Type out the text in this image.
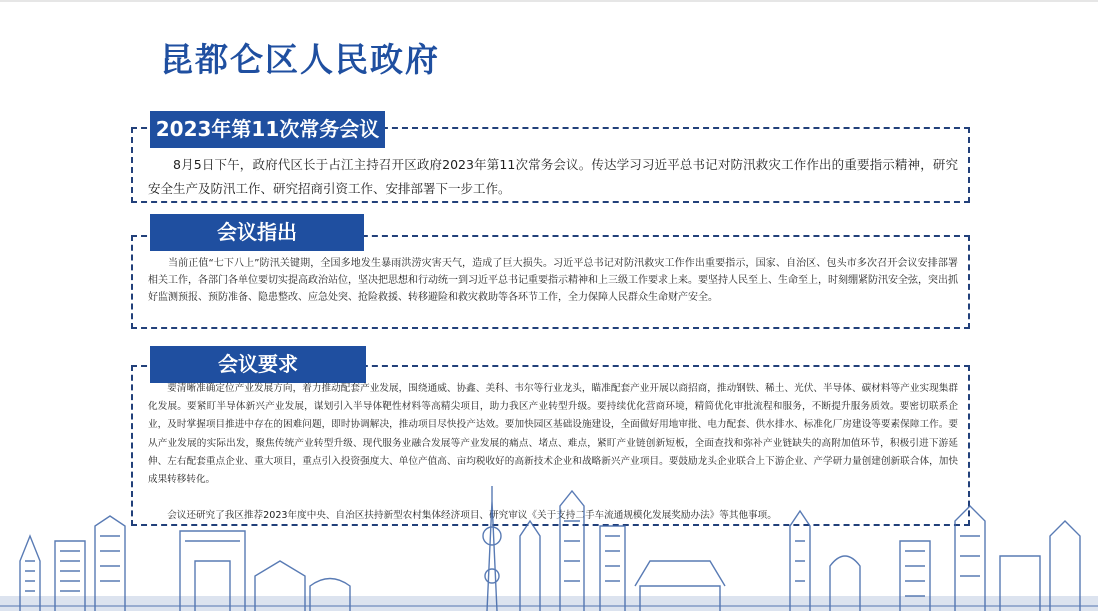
昆都仑区人民政府
2023年第11次常务会议

8月5日下午，政府代区长于占江主持召开区政府2023年第11次常务会议。传达学习习近平总书记对防汛救灾工作作出的重要指示精神，研究安全生产及防汛工作、研究招商引资工作、安排部署下一步工作。

会议指出

当前正值“七下八上”防汛关键期，全国多地发生暴雨洪涝灾害天气，造成了巨大损失。习近平总书记对防汛救灾工作作出重要指示，国家、自治区、包头市多次召开会议安排部署相关工作，各部门各单位要切实提高政治站位，坚决把思想和行动统一到习近平总书记重要指示精神和上三级工作要求上来。要坚持人民至上、生命至上，时刻绷紧防汛安全弦，突出抓好监测预报、预防准备、隐患整改、应急处突、抢险救援、转移避险和救灾救助等各环节工作，全力保障人民群众生命财产安全。

会议要求

要清晰准确定位产业发展方向，着力推动配套产业发展，围绕通威、协鑫、美科、韦尔等行业龙头，瞄准配套产业开展以商招商，推动钢铁、稀土、光伏、半导体、碳材料等产业实现集群化发展。要紧盯半导体新兴产业发展，谋划引入半导体靶性材料等高精尖项目，助力我区产业转型升级。要持续优化营商环境，精简优化审批流程和服务，不断提升服务质效。要密切联系企业，及时掌握项目推进中存在的困难问题，即时协调解决，推动项目尽快投产达效。要加快园区基础设施建设，全面做好用地审批、电力配套、供水排水、标准化厂房建设等要素保障工作。要从产业发展的实际出发，聚焦传统产业转型升级、现代服务业融合发展等产业发展的痛点、堵点、难点，紧盯产业链创新短板，全面查找和弥补产业链缺失的高附加值环节，积极引进下游延伸、左右配套重点企业、重大项目，重点引入投资强度大、单位产值高、亩均税收好的高新技术企业和战略新兴产业项目。要鼓励龙头企业联合上下游企业、产学研力量创建创新联合体，加快成果转移转化。

会议还研究了我区推荐2023年度中央、自治区扶持新型农村集体经济项目、研究审议《关于支持二手车流通规模化发展奖励办法》等其他事项。
